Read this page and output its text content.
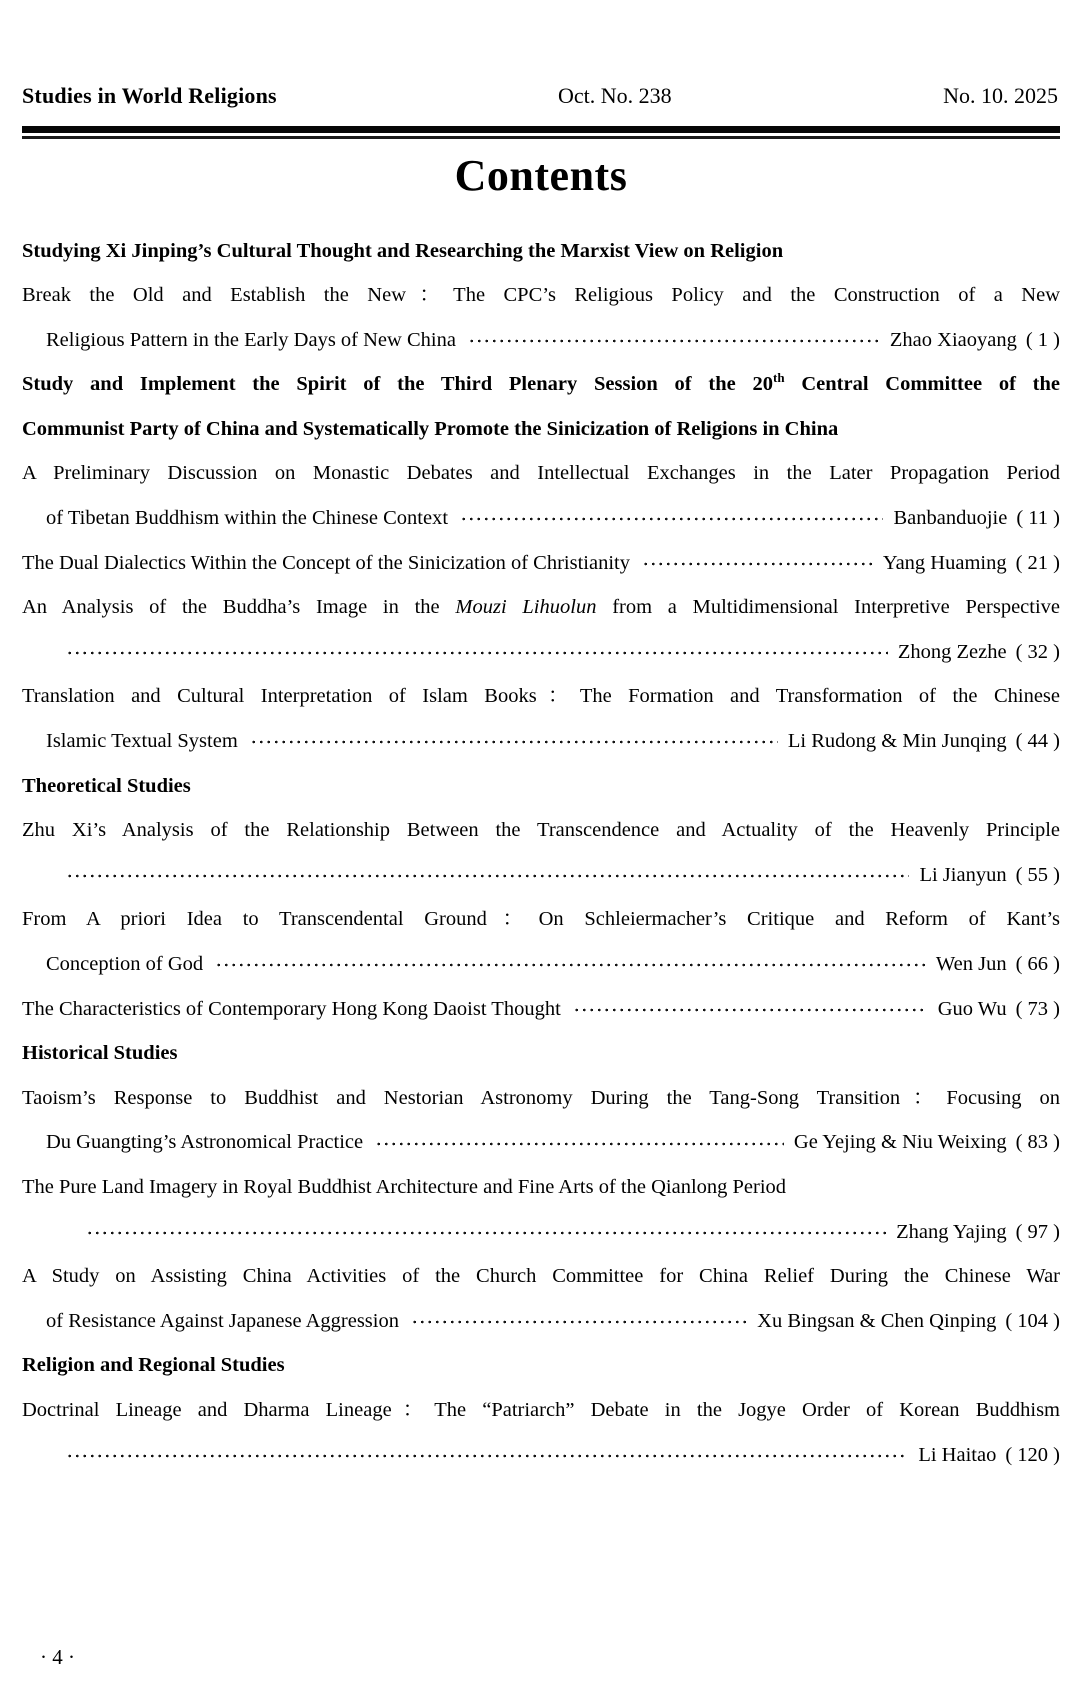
Studies in World Religions	Oct. No. 238	No. 10. 2025
Contents
Studying Xi Jinping’s Cultural Thought and Researching the Marxist View on Religion
Break the Old and Establish the New：The CPC’s Religious Policy and the Construction of a New
Religious Pattern in the Early Days of New China	Zhao Xiaoyang ( 1 )
Study and Implement the Spirit of the Third Plenary Session of the 20th Central Committee of the
Communist Party of China and Systematically Promote the Sinicization of Religions in China
A Preliminary Discussion on Monastic Debates and Intellectual Exchanges in the Later Propagation Period
of Tibetan Buddhism within the Chinese Context	Banbanduojie ( 11 )
The Dual Dialectics Within the Concept of the Sinicization of Christianity	Yang Huaming ( 21 )
An Analysis of the Buddha’s Image in the Mouzi Lihuolun from a Multidimensional Interpretive Perspective
Zhong Zezhe ( 32 )
Translation and Cultural Interpretation of Islam Books：The Formation and Transformation of the Chinese
Islamic Textual System	Li Rudong & Min Junqing ( 44 )
Theoretical Studies
Zhu Xi’s Analysis of the Relationship Between the Transcendence and Actuality of the Heavenly Principle
Li Jianyun ( 55 )
From A priori Idea to Transcendental Ground：On Schleiermacher’s Critique and Reform of Kant’s
Conception of God	Wen Jun ( 66 )
The Characteristics of Contemporary Hong Kong Daoist Thought	Guo Wu ( 73 )
Historical Studies
Taoism’s Response to Buddhist and Nestorian Astronomy During the Tang-Song Transition：Focusing on
Du Guangting’s Astronomical Practice	Ge Yejing & Niu Weixing ( 83 )
The Pure Land Imagery in Royal Buddhist Architecture and Fine Arts of the Qianlong Period
Zhang Yajing ( 97 )
A Study on Assisting China Activities of the Church Committee for China Relief During the Chinese War
of Resistance Against Japanese Aggression	Xu Bingsan & Chen Qinping ( 104 )
Religion and Regional Studies
Doctrinal Lineage and Dharma Lineage：The “Patriarch” Debate in the Jogye Order of Korean Buddhism
Li Haitao ( 120 )
· 4 ·
